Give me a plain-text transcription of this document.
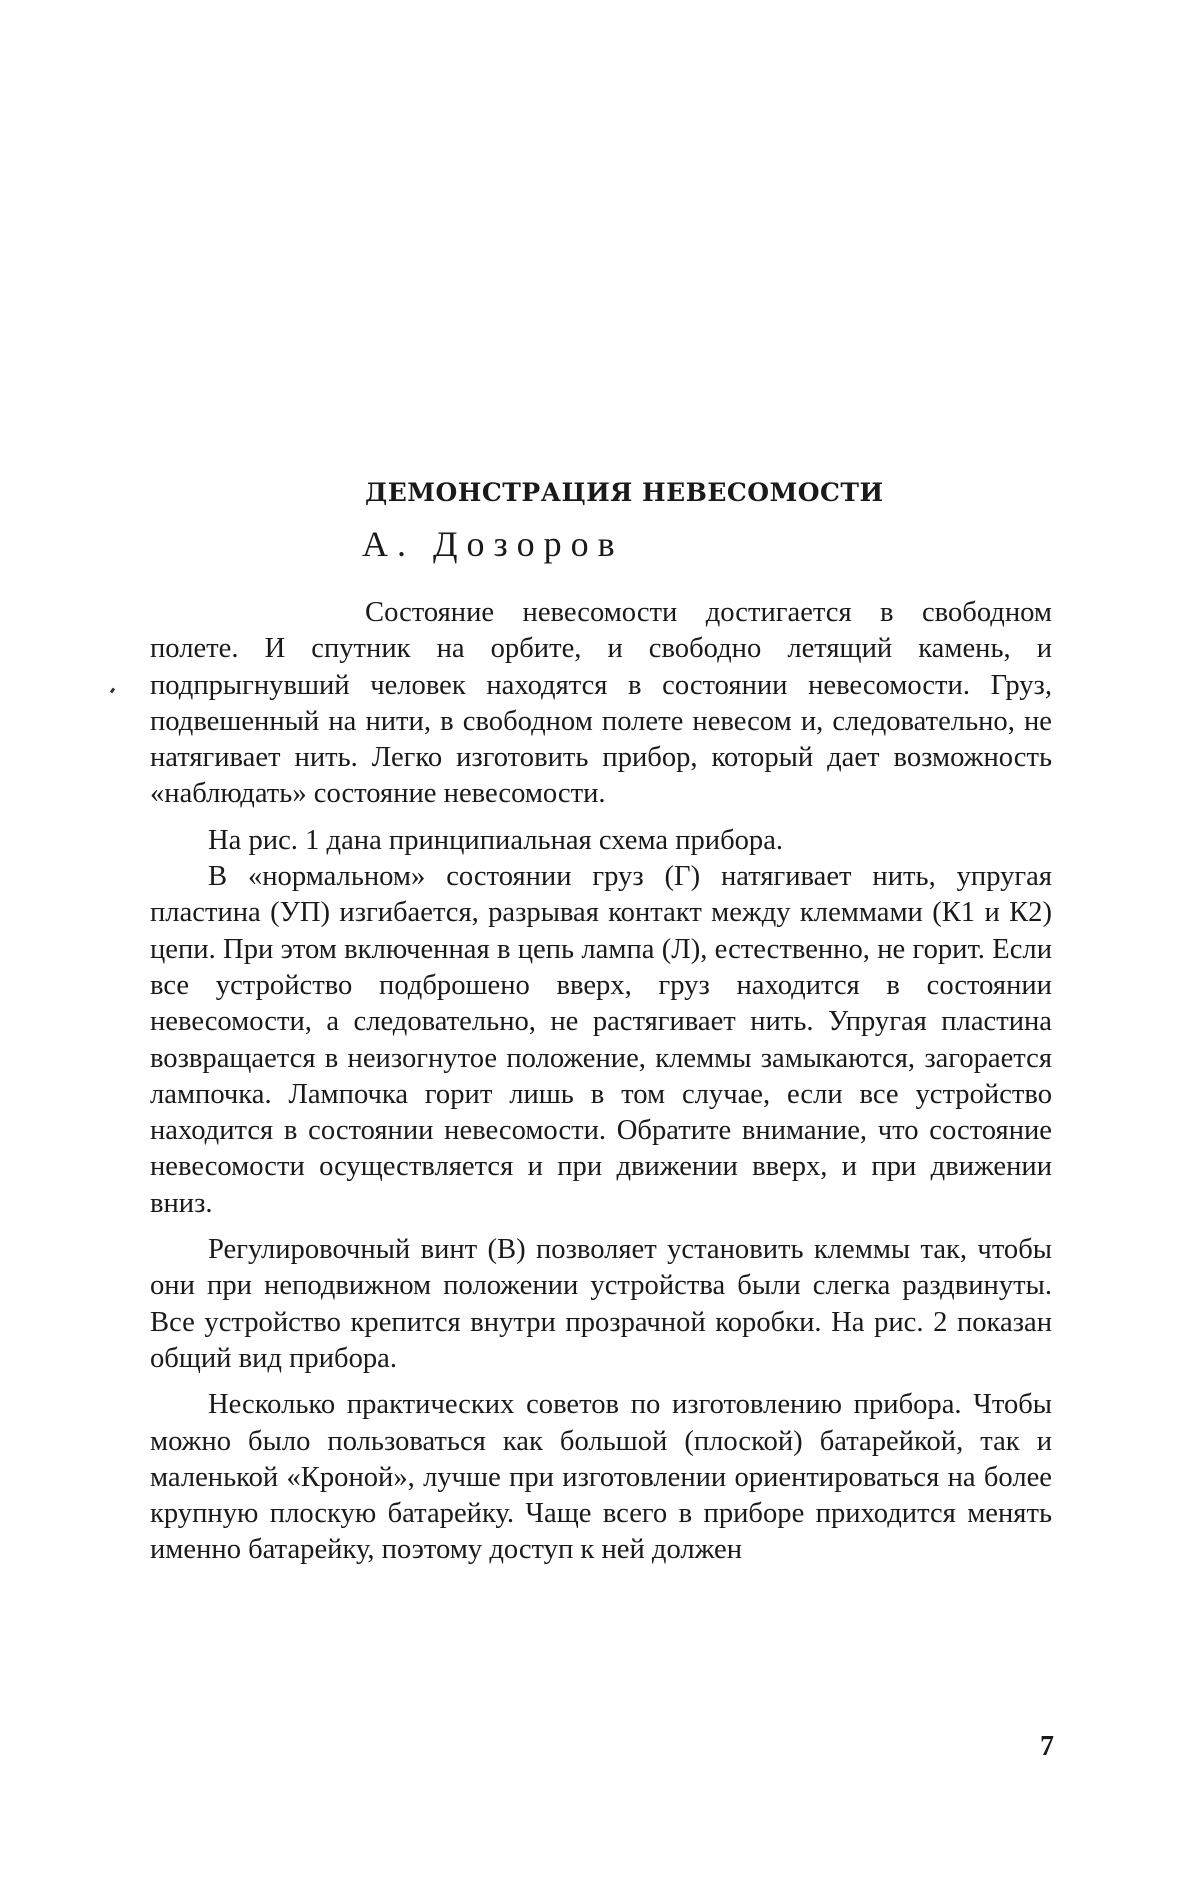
ДЕМОНСТРАЦИЯ НЕВЕСОМОСТИ

А. Дозоров

Состояние невесомости достигается в свободном полете. И спутник на орбите, и свободно летящий камень, и подпрыгнувший человек находятся в состоянии невесомости. Груз, подвешенный на нити, в свободном полете невесом и, следовательно, не натягивает нить. Легко изготовить прибор, который дает возможность «наблюдать» состояние невесомости.

На рис. 1 дана принципиальная схема прибора.

В «нормальном» состоянии груз (Г) натягивает нить, упругая пластина (УП) изгибается, разрывая контакт между клеммами (К1 и К2) цепи. При этом включенная в цепь лампа (Л), естественно, не горит. Если все устройство подброшено вверх, груз находится в состоянии невесомости, а следовательно, не растягивает нить. Упругая пластина возвращается в неизогнутое положение, клеммы замыкаются, загорается лампочка. Лампочка горит лишь в том случае, если все устройство находится в состоянии невесомости. Обратите внимание, что состояние невесомости осуществляется и при движении вверх, и при движении вниз.

Регулировочный винт (В) позволяет установить клеммы так, чтобы они при неподвижном положении устройства были слегка раздвинуты. Все устройство крепится внутри прозрачной коробки. На рис. 2 показан общий вид прибора.

Несколько практических советов по изготовлению прибора. Чтобы можно было пользоваться как большой (плоской) батарейкой, так и маленькой «Кроной», лучше при изготовлении ориентироваться на более крупную плоскую батарейку. Чаще всего в приборе приходится менять именно батарейку, поэтому доступ к ней должен

7
